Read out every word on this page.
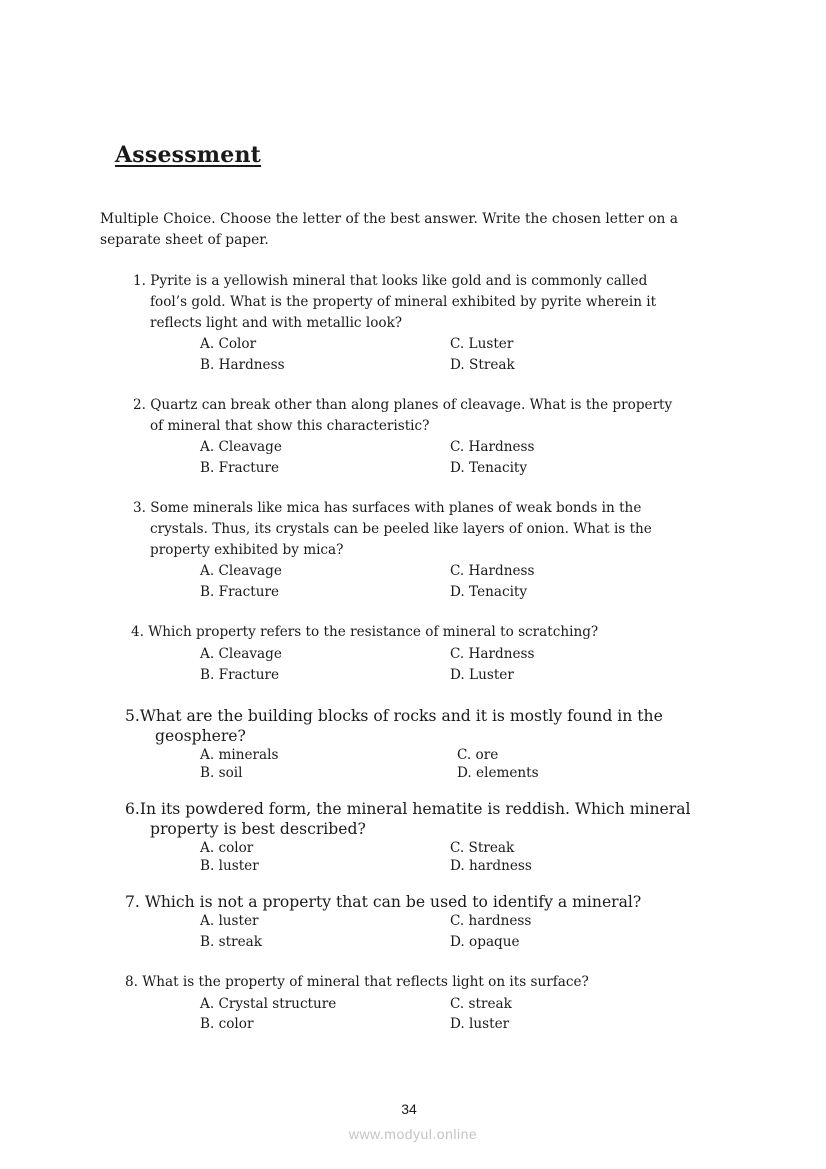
Assessment
Multiple Choice. Choose the letter of the best answer. Write the chosen letter on a
separate sheet of paper.
1. Pyrite is a yellowish mineral that looks like gold and is commonly called
fool’s gold. What is the property of mineral exhibited by pyrite wherein it
reflects light and with metallic look?
A. Color	C. Luster
B. Hardness	D. Streak
2. Quartz can break other than along planes of cleavage. What is the property
of mineral that show this characteristic?
A. Cleavage	C. Hardness
B. Fracture	D. Tenacity
3. Some minerals like mica has surfaces with planes of weak bonds in the
crystals. Thus, its crystals can be peeled like layers of onion. What is the
property exhibited by mica?
A. Cleavage	C. Hardness
B. Fracture	D. Tenacity
4. Which property refers to the resistance of mineral to scratching?
A. Cleavage	C. Hardness
B. Fracture	D. Luster
5.What are the building blocks of rocks and it is mostly found in the
geosphere?
A. minerals	C. ore
B. soil	D. elements
6.In its powdered form, the mineral hematite is reddish. Which mineral
property is best described?
A. color	C. Streak
B. luster	D. hardness
7. Which is not a property that can be used to identify a mineral?
A. luster	C. hardness
B. streak	D. opaque
8. What is the property of mineral that reflects light on its surface?
A. Crystal structure	C. streak
B. color	D. luster
34
www.modyul.online
